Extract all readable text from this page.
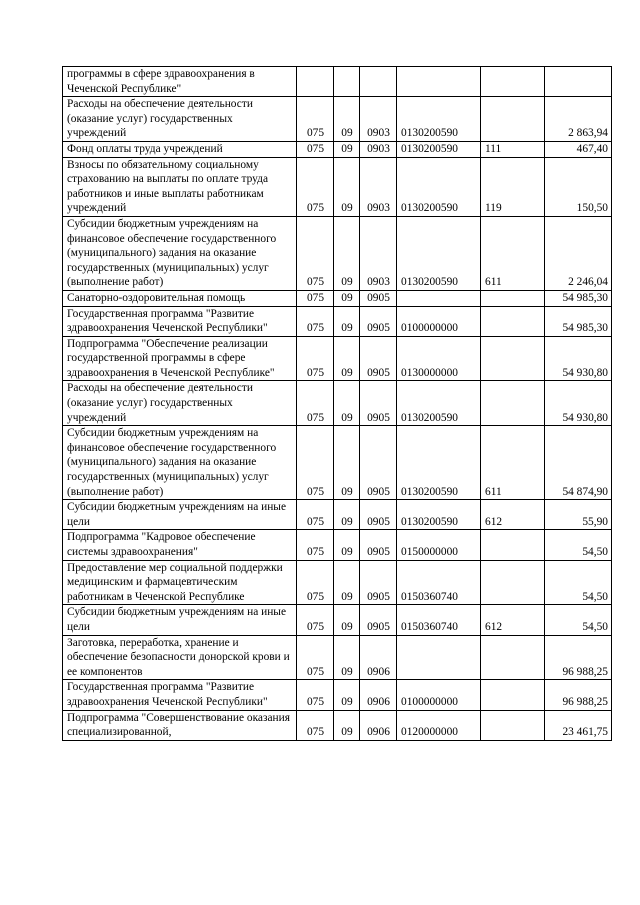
программы в сфере здравоохранения в Чеченской Республике"						
Расходы на обеспечение деятельности (оказание услуг) государственных учреждений	075	09	0903	0130200590		2 863,94
Фонд оплаты труда учреждений	075	09	0903	0130200590	111	467,40
Взносы по обязательному социальному страхованию на выплаты по оплате труда работников и иные выплаты работникам учреждений	075	09	0903	0130200590	119	150,50
Субсидии бюджетным учреждениям на финансовое обеспечение государственного (муниципального) задания на оказание государственных (муниципальных) услуг (выполнение работ)	075	09	0903	0130200590	611	2 246,04
Санаторно-оздоровительная помощь	075	09	0905			54 985,30
Государственная программа "Развитие здравоохранения Чеченской Республики"	075	09	0905	0100000000		54 985,30
Подпрограмма "Обеспечение реализации государственной программы в сфере здравоохранения в Чеченской Республике"	075	09	0905	0130000000		54 930,80
Расходы на обеспечение деятельности (оказание услуг) государственных учреждений	075	09	0905	0130200590		54 930,80
Субсидии бюджетным учреждениям на финансовое обеспечение государственного (муниципального) задания на оказание государственных (муниципальных) услуг (выполнение работ)	075	09	0905	0130200590	611	54 874,90
Субсидии бюджетным учреждениям на иные цели	075	09	0905	0130200590	612	55,90
Подпрограмма "Кадровое обеспечение системы здравоохранения"	075	09	0905	0150000000		54,50
Предоставление мер социальной поддержки медицинским и фармацевтическим работникам в Чеченской Республике	075	09	0905	0150360740		54,50
Субсидии бюджетным учреждениям на иные цели	075	09	0905	0150360740	612	54,50
Заготовка, переработка, хранение и обеспечение безопасности донорской крови и ее компонентов	075	09	0906			96 988,25
Государственная программа "Развитие здравоохранения Чеченской Республики"	075	09	0906	0100000000		96 988,25
Подпрограмма "Совершенствование оказания специализированной,	075	09	0906	0120000000		23 461,75
